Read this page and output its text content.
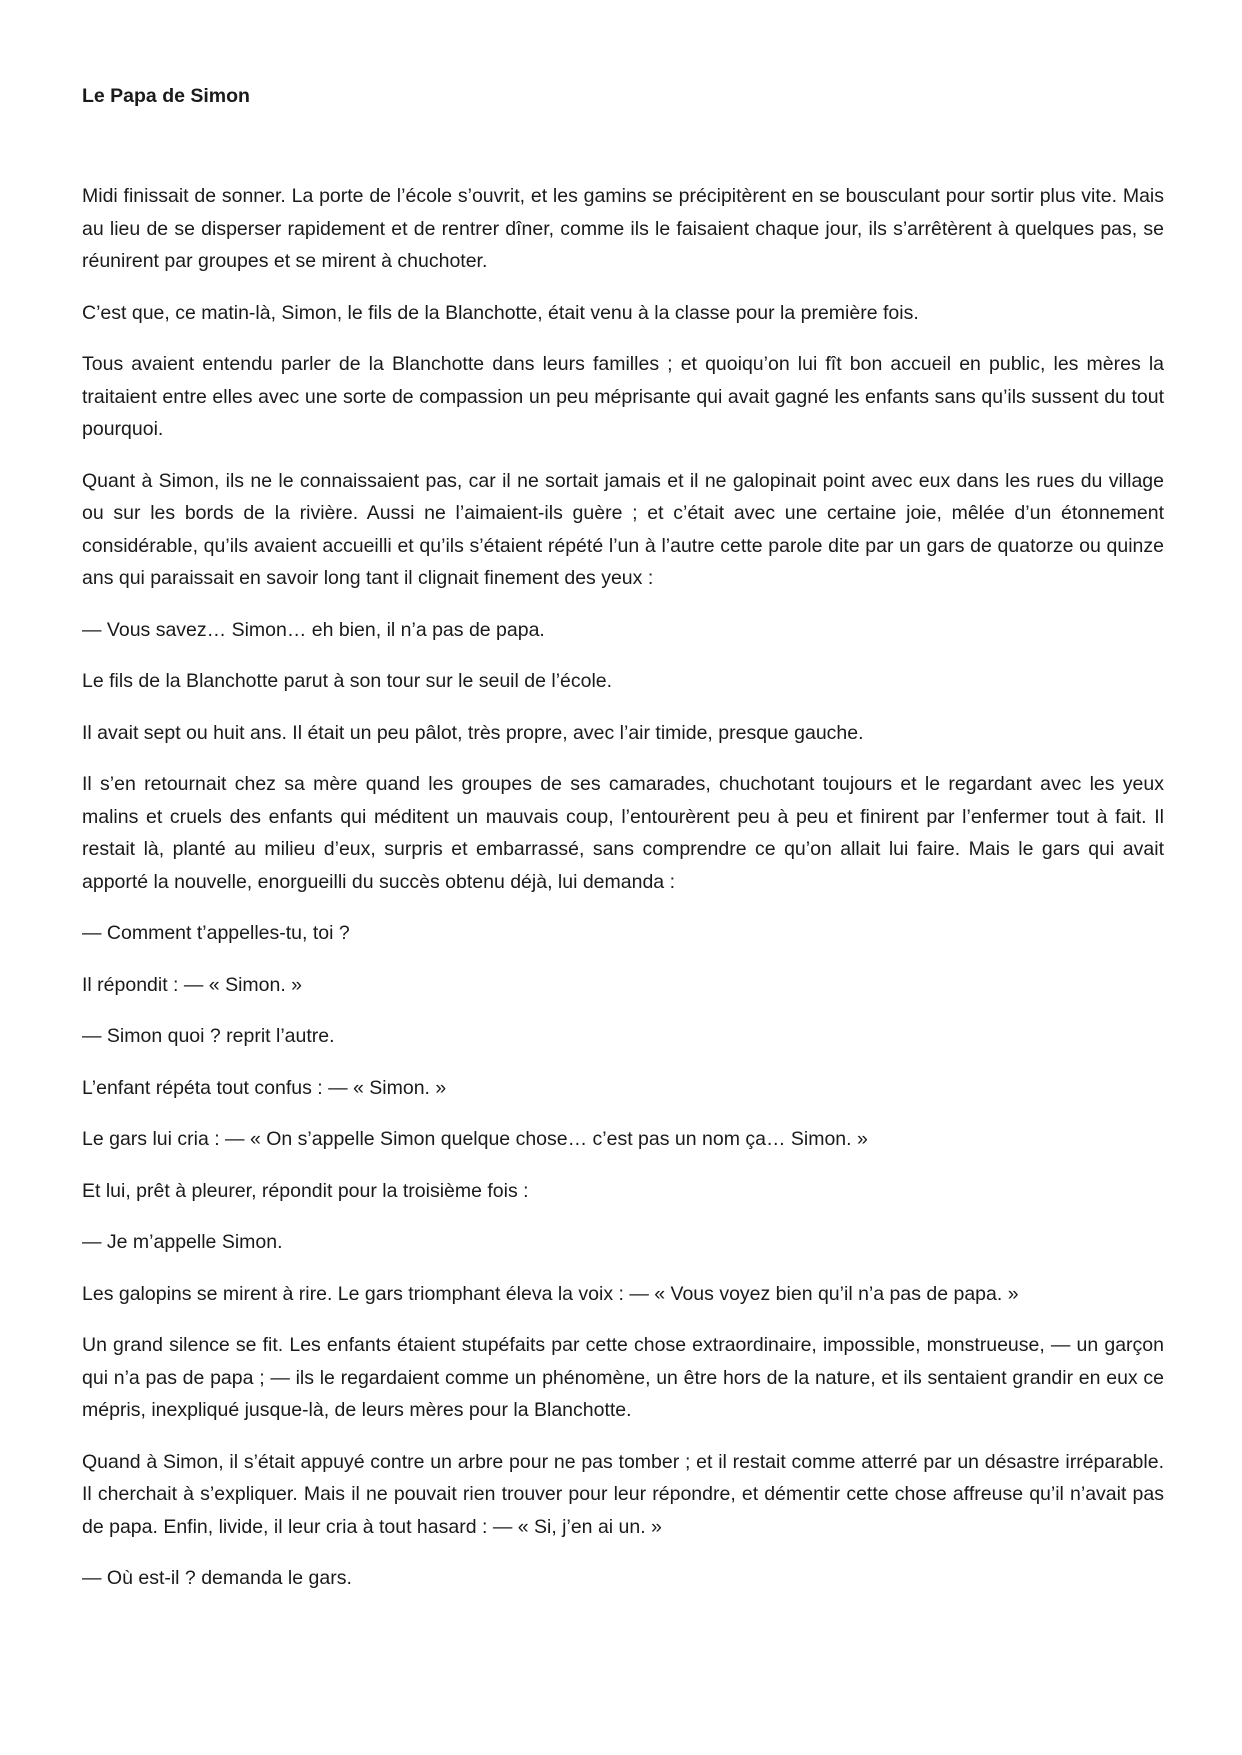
Le Papa de Simon

Midi finissait de sonner. La porte de l’école s’ouvrit, et les gamins se précipitèrent en se bousculant pour sortir plus vite. Mais au lieu de se disperser rapidement et de rentrer dîner, comme ils le faisaient chaque jour, ils s’arrêtèrent à quelques pas, se réunirent par groupes et se mirent à chuchoter.

C’est que, ce matin-là, Simon, le fils de la Blanchotte, était venu à la classe pour la première fois.

Tous avaient entendu parler de la Blanchotte dans leurs familles ; et quoiqu’on lui fît bon accueil en public, les mères la traitaient entre elles avec une sorte de compassion un peu méprisante qui avait gagné les enfants sans qu’ils sussent du tout pourquoi.

Quant à Simon, ils ne le connaissaient pas, car il ne sortait jamais et il ne galopinait point avec eux dans les rues du village ou sur les bords de la rivière. Aussi ne l’aimaient-ils guère ; et c’était avec une certaine joie, mêlée d’un étonnement considérable, qu’ils avaient accueilli et qu’ils s’étaient répété l’un à l’autre cette parole dite par un gars de quatorze ou quinze ans qui paraissait en savoir long tant il clignait finement des yeux :

— Vous savez… Simon… eh bien, il n’a pas de papa.

Le fils de la Blanchotte parut à son tour sur le seuil de l’école.

Il avait sept ou huit ans. Il était un peu pâlot, très propre, avec l’air timide, presque gauche.

Il s’en retournait chez sa mère quand les groupes de ses camarades, chuchotant toujours et le regardant avec les yeux malins et cruels des enfants qui méditent un mauvais coup, l’entourèrent peu à peu et finirent par l’enfermer tout à fait. Il restait là, planté au milieu d’eux, surpris et embarrassé, sans comprendre ce qu’on allait lui faire. Mais le gars qui avait apporté la nouvelle, enorgueilli du succès obtenu déjà, lui demanda :

— Comment t’appelles-tu, toi ?

Il répondit : — « Simon. »

— Simon quoi ? reprit l’autre.

L’enfant répéta tout confus : — « Simon. »

Le gars lui cria : — « On s’appelle Simon quelque chose… c’est pas un nom ça… Simon. »

Et lui, prêt à pleurer, répondit pour la troisième fois :

— Je m’appelle Simon.

Les galopins se mirent à rire. Le gars triomphant éleva la voix : — « Vous voyez bien qu’il n’a pas de papa. »

Un grand silence se fit. Les enfants étaient stupéfaits par cette chose extraordinaire, impossible, monstrueuse, — un garçon qui n’a pas de papa ; — ils le regardaient comme un phénomène, un être hors de la nature, et ils sentaient grandir en eux ce mépris, inexpliqué jusque-là, de leurs mères pour la Blanchotte.

Quand à Simon, il s’était appuyé contre un arbre pour ne pas tomber ; et il restait comme atterré par un désastre irréparable. Il cherchait à s’expliquer. Mais il ne pouvait rien trouver pour leur répondre, et démentir cette chose affreuse qu’il n’avait pas de papa. Enfin, livide, il leur cria à tout hasard : — « Si, j’en ai un. »

— Où est-il ? demanda le gars.
